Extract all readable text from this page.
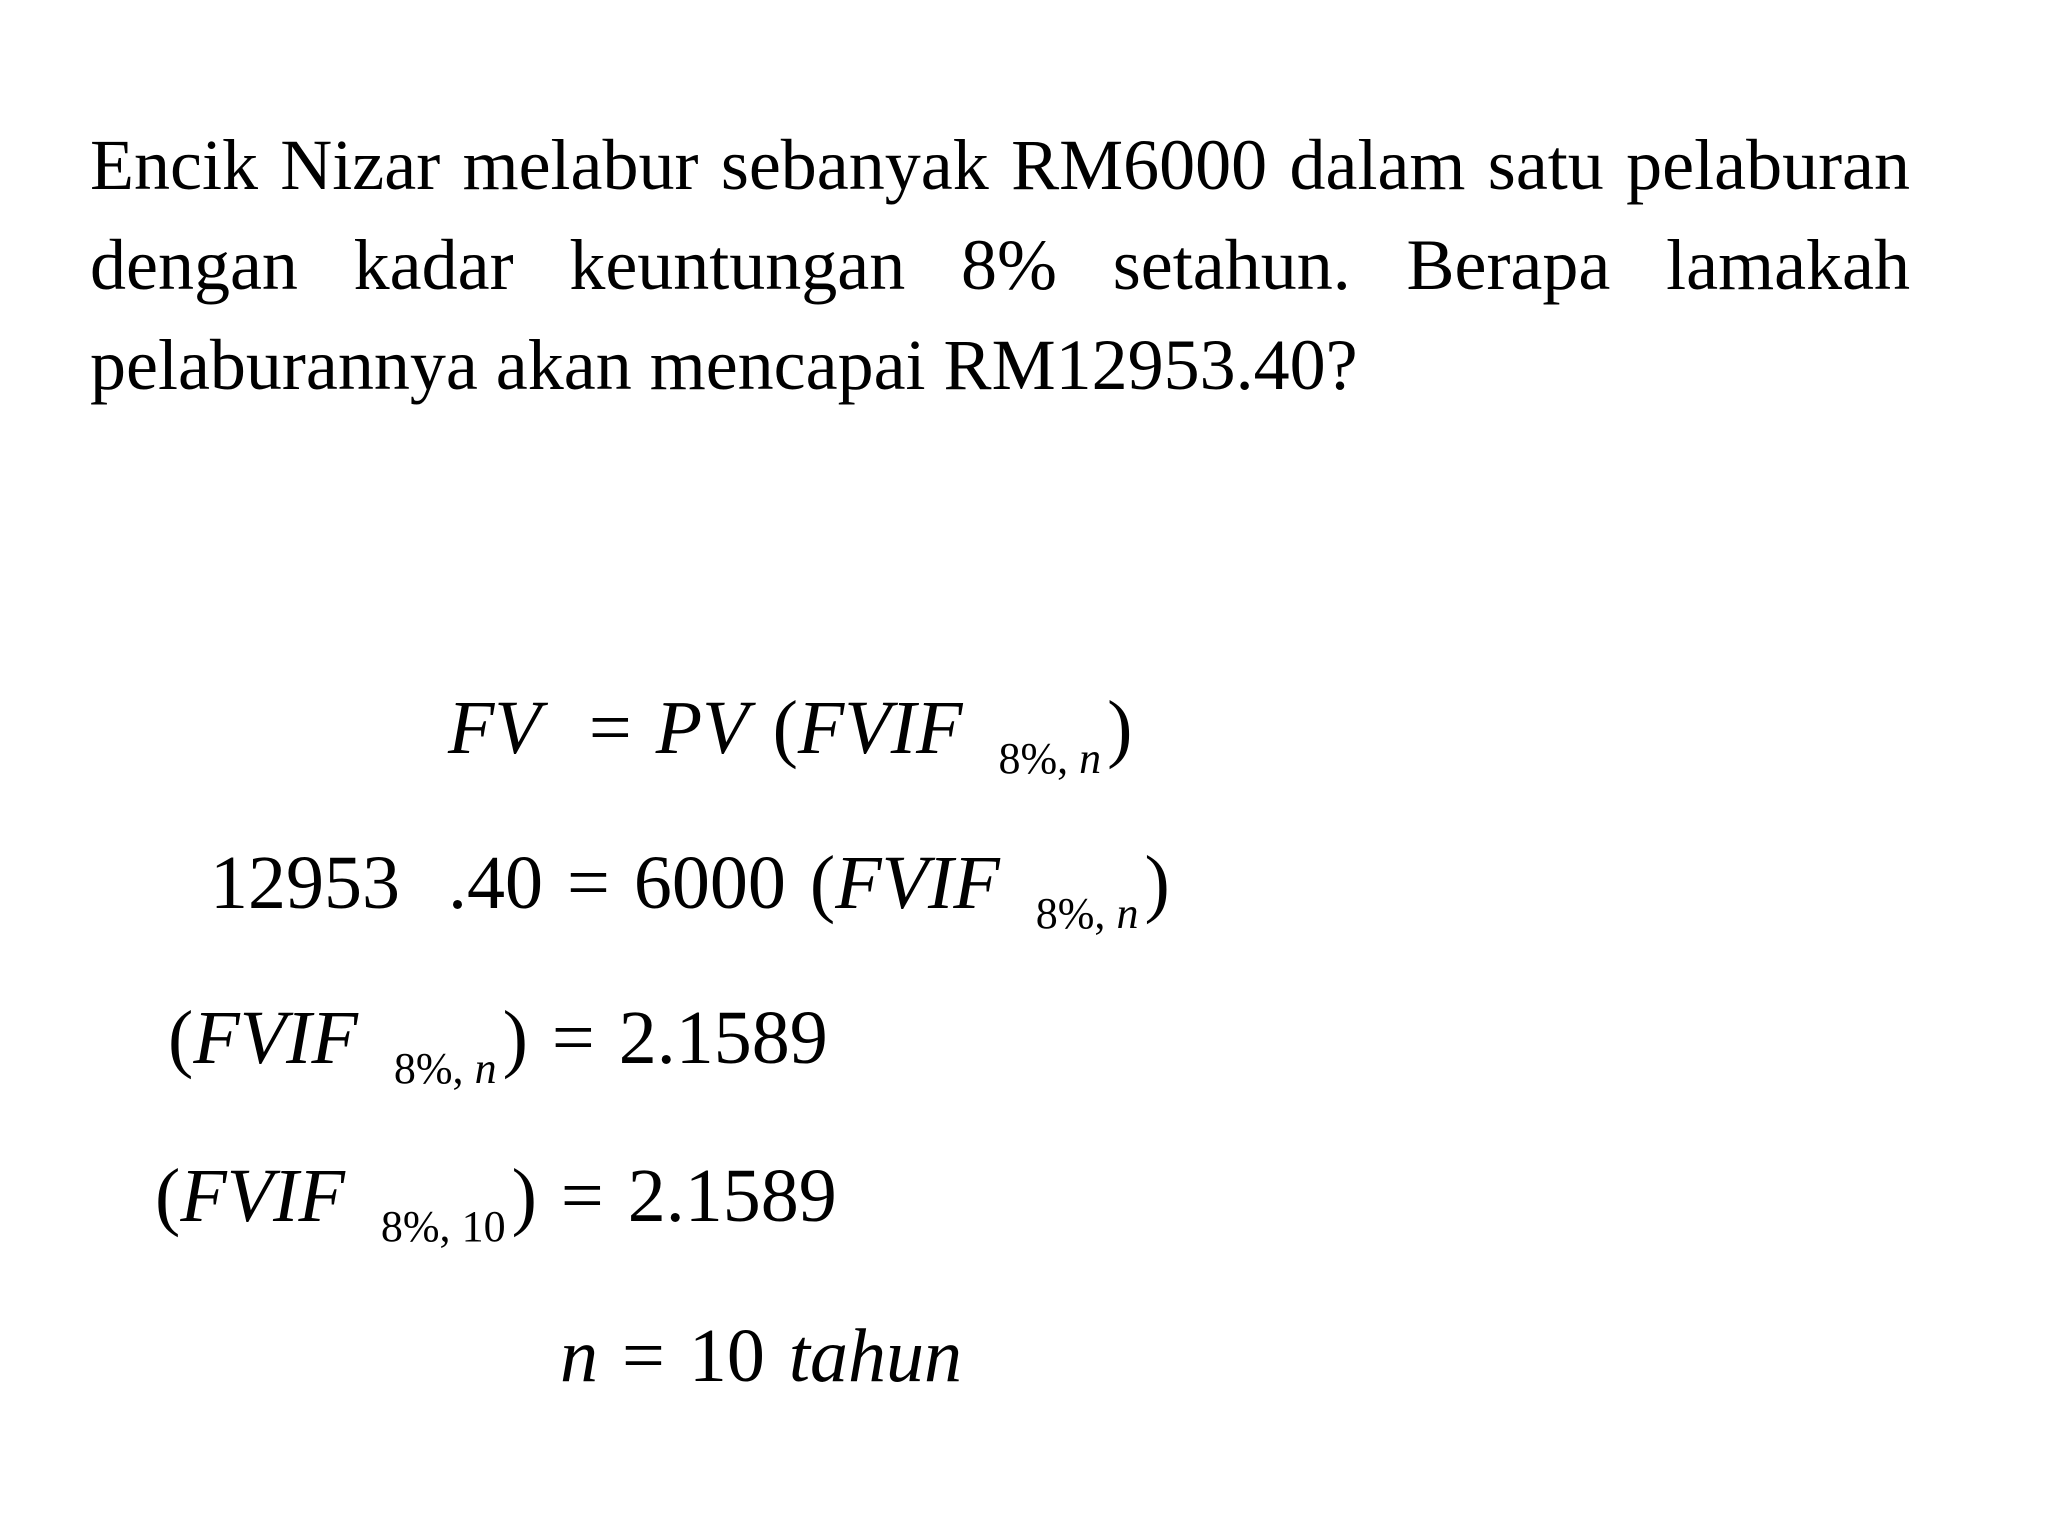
Encik Nizar melabur sebanyak RM6000 dalam satu pelaburan dengan kadar keuntungan 8% setahun. Berapa lamakah pelaburannya akan mencapai RM12953.40?

FV = PV (FVIF 8%, n)
12953 .40 = 6000 (FVIF 8%, n)
(FVIF 8%, n) = 2.1589
(FVIF 8%, 10) = 2.1589
n = 10 tahun
